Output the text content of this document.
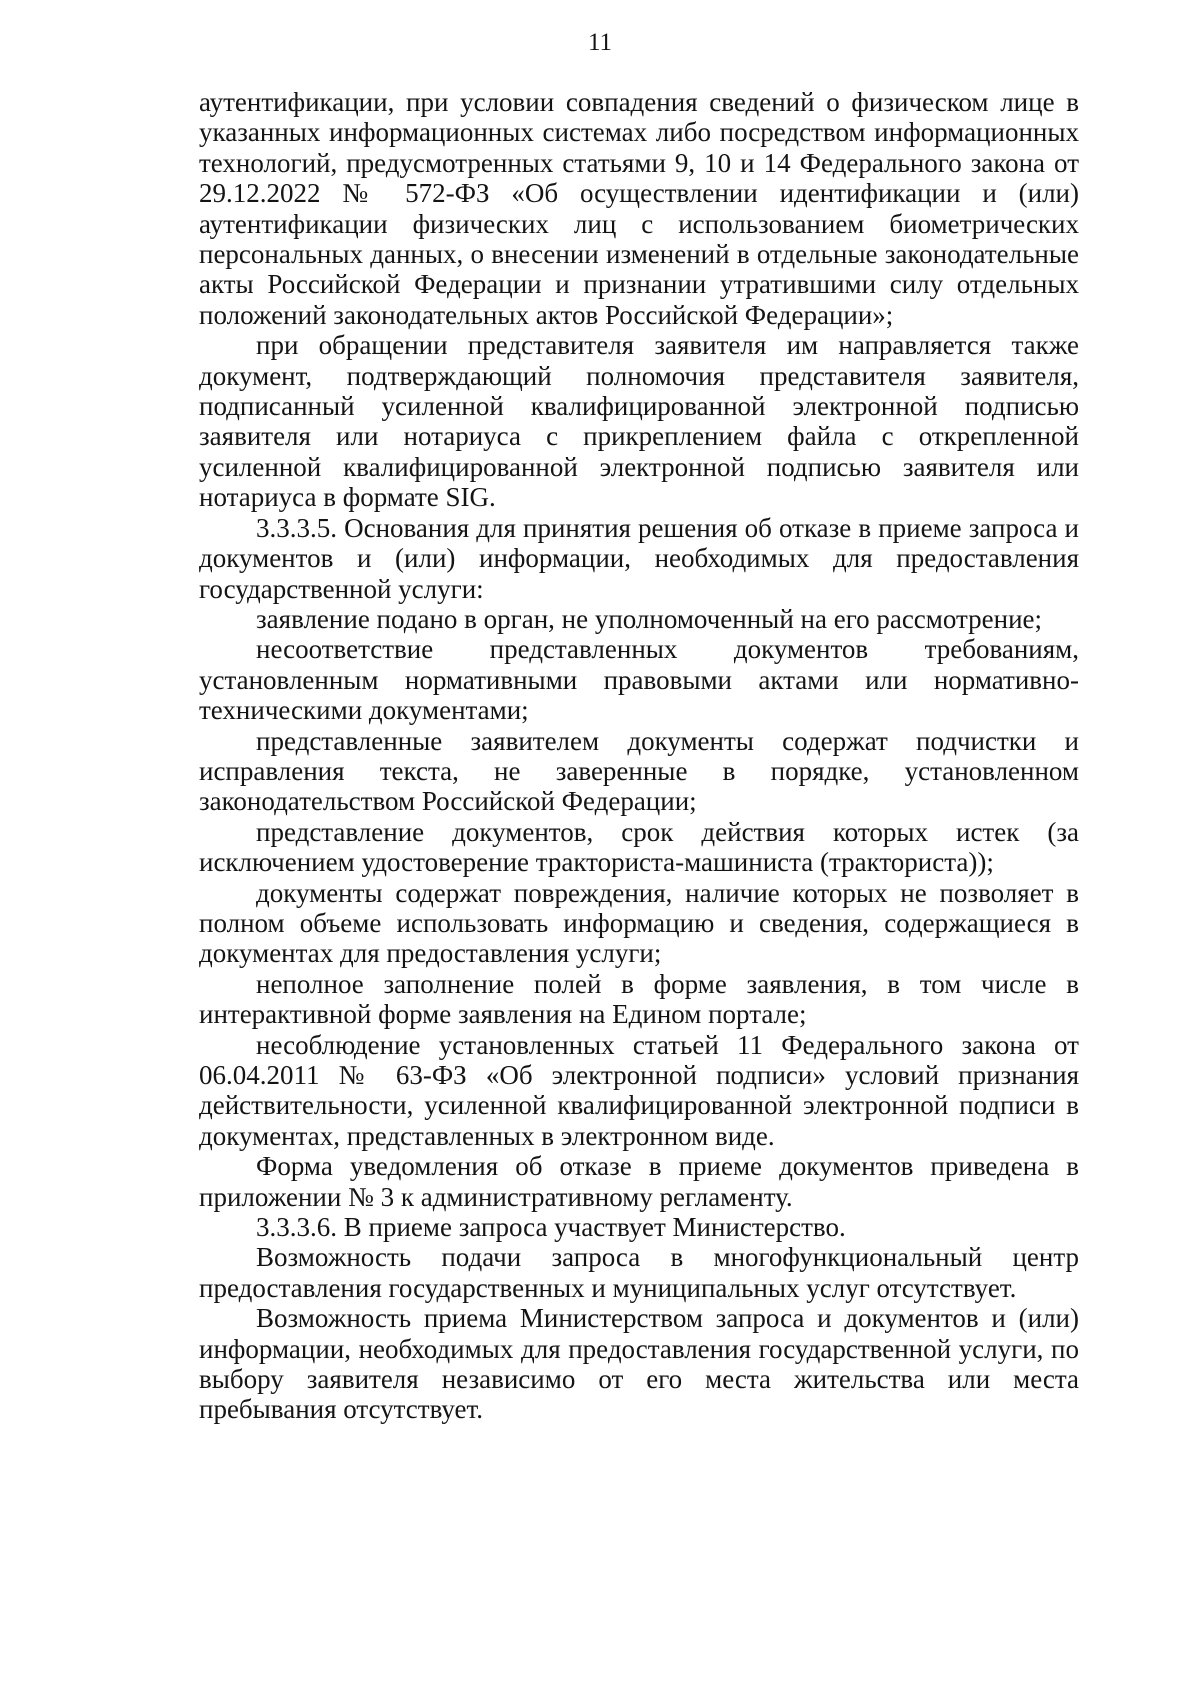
11

аутентификации, при условии совпадения сведений о физическом лице в указанных информационных системах либо посредством информационных технологий, предусмотренных статьями 9, 10 и 14 Федерального закона от 29.12.2022 № 572-ФЗ «Об осуществлении идентификации и (или) аутентификации физических лиц с использованием биометрических персональных данных, о внесении изменений в отдельные законодательные акты Российской Федерации и признании утратившими силу отдельных положений законодательных актов Российской Федерации»;

при обращении представителя заявителя им направляется также документ, подтверждающий полномочия представителя заявителя, подписанный усиленной квалифицированной электронной подписью заявителя или нотариуса с прикреплением файла с открепленной усиленной квалифицированной электронной подписью заявителя или нотариуса в формате SIG.

3.3.3.5. Основания для принятия решения об отказе в приеме запроса и документов и (или) информации, необходимых для предоставления государственной услуги:

заявление подано в орган, не уполномоченный на его рассмотрение;

несоответствие представленных документов требованиям, установленным нормативными правовыми актами или нормативно-техническими документами;

представленные заявителем документы содержат подчистки и исправления текста, не заверенные в порядке, установленном законодательством Российской Федерации;

представление документов, срок действия которых истек (за исключением удостоверение тракториста-машиниста (тракториста));

документы содержат повреждения, наличие которых не позволяет в полном объеме использовать информацию и сведения, содержащиеся в документах для предоставления услуги;

неполное заполнение полей в форме заявления, в том числе в интерактивной форме заявления на Едином портале;

несоблюдение установленных статьей 11 Федерального закона от 06.04.2011 № 63-ФЗ «Об электронной подписи» условий признания действительности, усиленной квалифицированной электронной подписи в документах, представленных в электронном виде.

Форма уведомления об отказе в приеме документов приведена в приложении № 3 к административному регламенту.

3.3.3.6. В приеме запроса участвует Министерство.

Возможность подачи запроса в многофункциональный центр предоставления государственных и муниципальных услуг отсутствует.

Возможность приема Министерством запроса и документов и (или) информации, необходимых для предоставления государственной услуги, по выбору заявителя независимо от его места жительства или места пребывания отсутствует.
